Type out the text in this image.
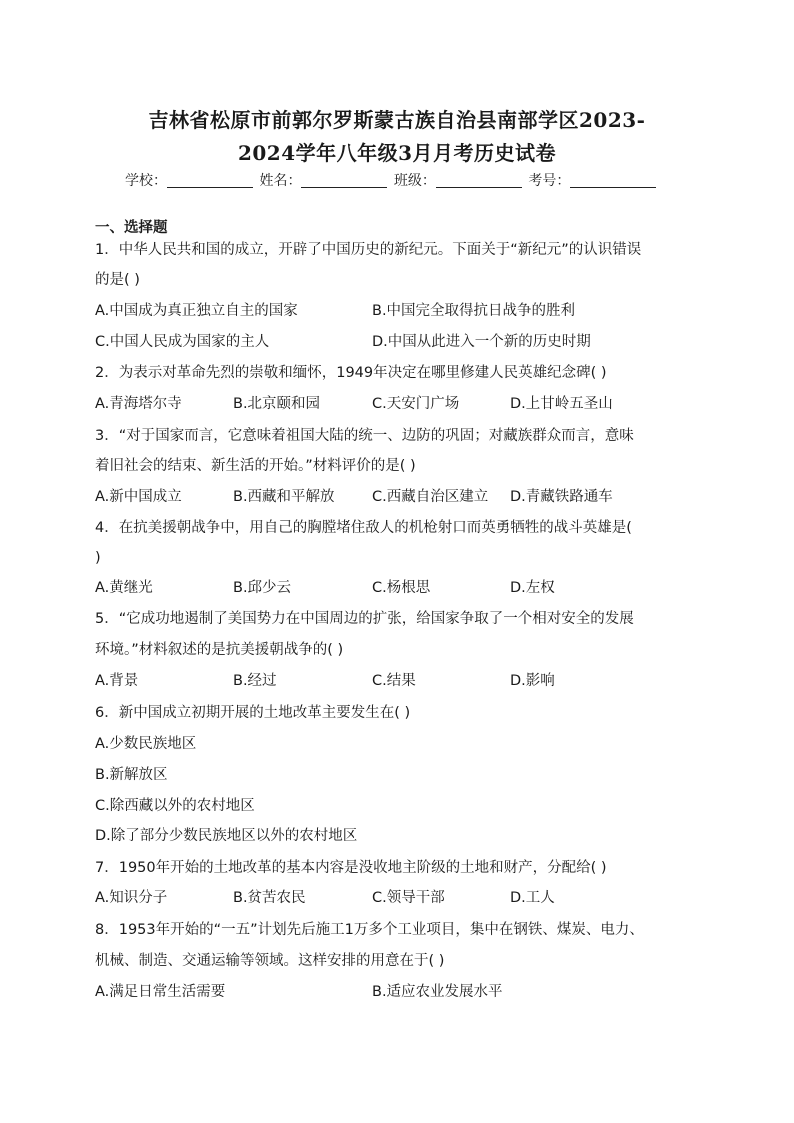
吉林省松原市前郭尔罗斯蒙古族自治县南部学区2023-
2024学年八年级3月月考历史试卷
学校：	姓名：	班级：	考号：
一、选择题
1．中华人民共和国的成立，开辟了中国历史的新纪元。下面关于“新纪元”的认识错误
的是( )
A.中国成为真正独立自主的国家	B.中国完全取得抗日战争的胜利
C.中国人民成为国家的主人	D.中国从此进入一个新的历史时期
2．为表示对革命先烈的崇敬和缅怀，1949年决定在哪里修建人民英雄纪念碑( )
A.青海塔尔寺	B.北京颐和园	C.天安门广场	D.上甘岭五圣山
3．“对于国家而言，它意味着祖国大陆的统一、边防的巩固；对藏族群众而言，意味
着旧社会的结束、新生活的开始。”材料评价的是( )
A.新中国成立	B.西藏和平解放	C.西藏自治区建立 D.青藏铁路通车
4．在抗美援朝战争中，用自己的胸膛堵住敌人的机枪射口而英勇牺牲的战斗英雄是(
)
A.黄继光	B.邱少云	C.杨根思	D.左权
5．“它成功地遏制了美国势力在中国周边的扩张，给国家争取了一个相对安全的发展
环境。”材料叙述的是抗美援朝战争的( )
A.背景	B.经过	C.结果	D.影响
6．新中国成立初期开展的土地改革主要发生在( )
A.少数民族地区
B.新解放区
C.除西藏以外的农村地区
D.除了部分少数民族地区以外的农村地区
7．1950年开始的土地改革的基本内容是没收地主阶级的土地和财产，分配给( )
A.知识分子	B.贫苦农民	C.领导干部	D.工人
8．1953年开始的“一五”计划先后施工1万多个工业项目，集中在钢铁、煤炭、电力、
机械、制造、交通运输等领域。这样安排的用意在于( )
A.满足日常生活需要	B.适应农业发展水平
